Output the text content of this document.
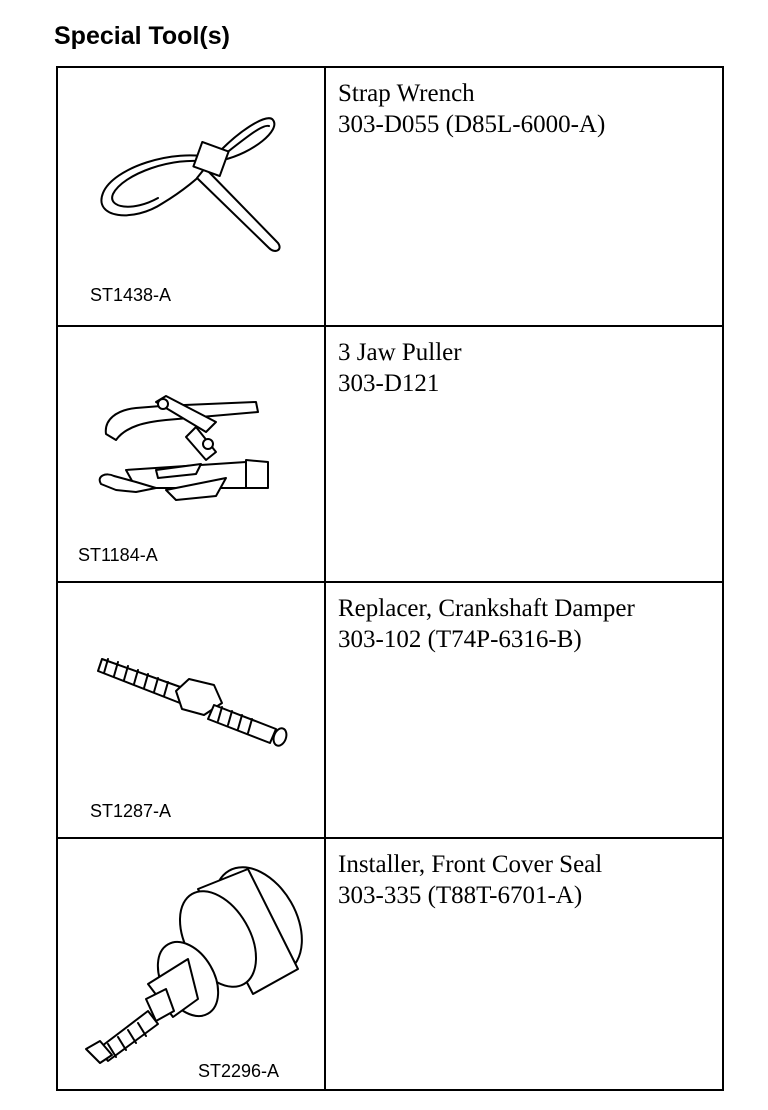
Special Tool(s)
ST1438-A
Strap Wrench
303-D055 (D85L-6000-A)
ST1184-A
3 Jaw Puller
303-D121
ST1287-A
Replacer, Crankshaft Damper
303-102 (T74P-6316-B)
ST2296-A
Installer, Front Cover Seal
303-335 (T88T-6701-A)
